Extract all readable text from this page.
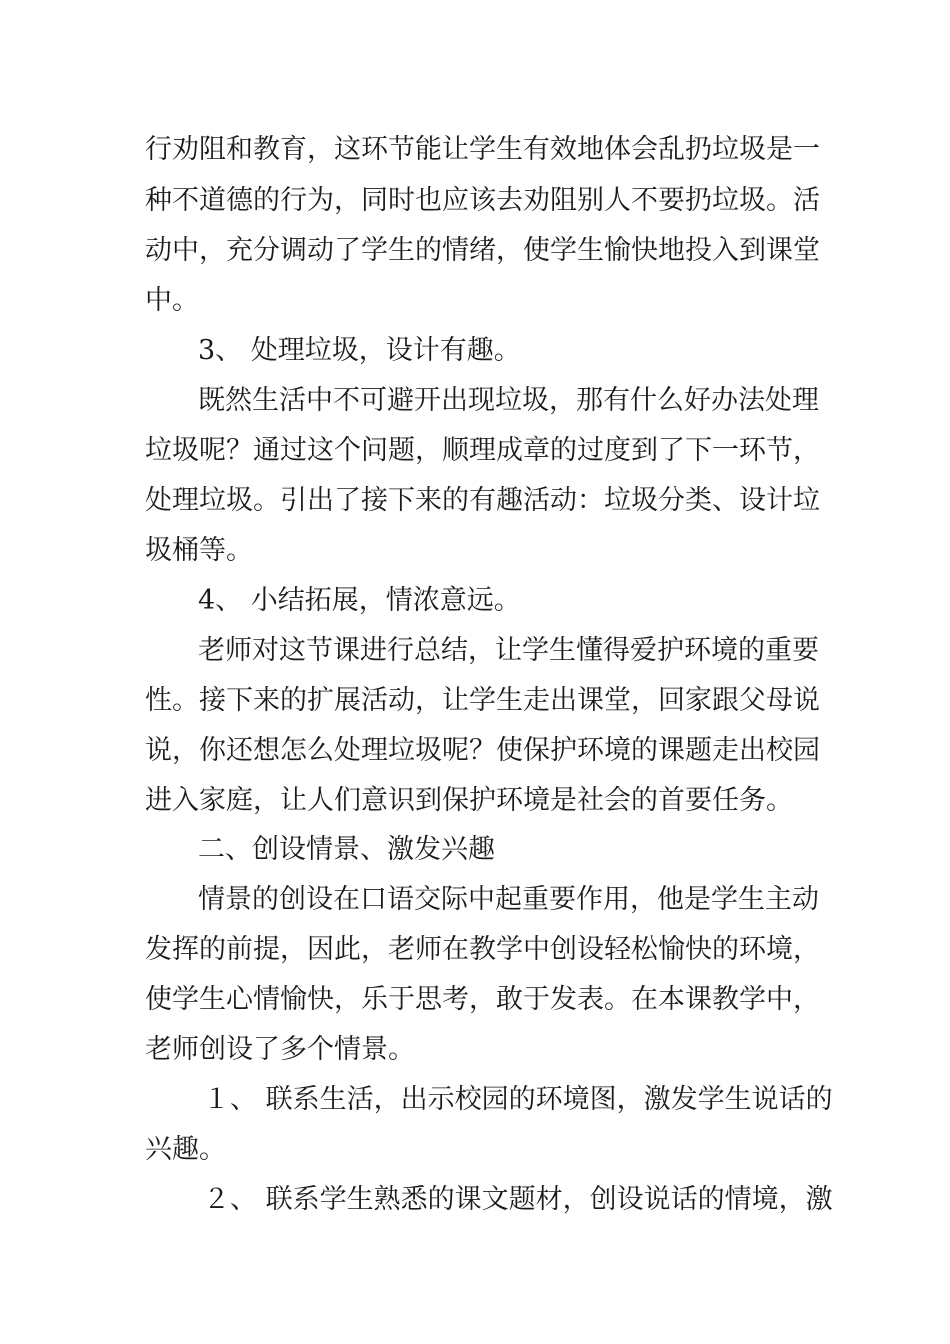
行劝阻和教育，这环节能让学生有效地体会乱扔垃圾是一
种不道德的行为，同时也应该去劝阻别人不要扔垃圾。活
动中，充分调动了学生的情绪，使学生愉快地投入到课堂
中。
3、 处理垃圾，设计有趣。
既然生活中不可避开出现垃圾，那有什么好办法处理
垃圾呢？通过这个问题，顺理成章的过度到了下一环节，
处理垃圾。引出了接下来的有趣活动：垃圾分类、设计垃
圾桶等。
4、 小结拓展，情浓意远。
老师对这节课进行总结，让学生懂得爱护环境的重要
性。接下来的扩展活动，让学生走出课堂，回家跟父母说
说，你还想怎么处理垃圾呢？使保护环境的课题走出校园
进入家庭，让人们意识到保护环境是社会的首要任务。
二、创设情景、激发兴趣
情景的创设在口语交际中起重要作用，他是学生主动
发挥的前提，因此，老师在教学中创设轻松愉快的环境，
使学生心情愉快，乐于思考，敢于发表。在本课教学中，
老师创设了多个情景。
１、 联系生活，出示校园的环境图，激发学生说话的
兴趣。
２、 联系学生熟悉的课文题材，创设说话的情境，激
